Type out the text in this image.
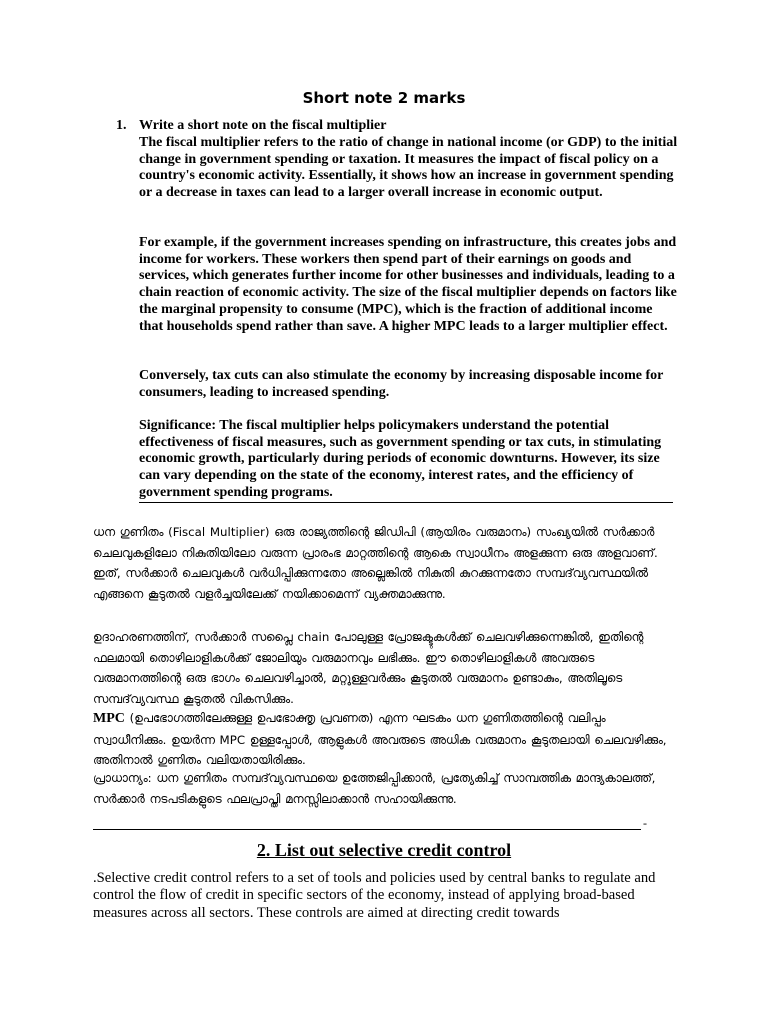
Short note 2 marks
1. Write a short note on the fiscal multiplier

The fiscal multiplier refers to the ratio of change in national income (or GDP) to the initial change in government spending or taxation. It measures the impact of fiscal policy on a country's economic activity. Essentially, it shows how an increase in government spending or a decrease in taxes can lead to a larger overall increase in economic output.

For example, if the government increases spending on infrastructure, this creates jobs and income for workers. These workers then spend part of their earnings on goods and services, which generates further income for other businesses and individuals, leading to a chain reaction of economic activity. The size of the fiscal multiplier depends on factors like the marginal propensity to consume (MPC), which is the fraction of additional income that households spend rather than save. A higher MPC leads to a larger multiplier effect.

Conversely, tax cuts can also stimulate the economy by increasing disposable income for consumers, leading to increased spending.

Significance: The fiscal multiplier helps policymakers understand the potential effectiveness of fiscal measures, such as government spending or tax cuts, in stimulating economic growth, particularly during periods of economic downturns. However, its size can vary depending on the state of the economy, interest rates, and the efficiency of government spending programs.

ധന ഗുണിതം (Fiscal Multiplier) ഒരു രാജ്യത്തിന്റെ ജിഡിപി (ആയിരം വരുമാനം) സംഖ്യയിൽ സർക്കാർ ചെലവുകളിലോ നികുതിയിലോ വരുന്ന പ്രാരംഭ മാറ്റത്തിന്റെ ആകെ സ്വാധീനം അളക്കുന്ന ഒരു അളവാണ്. ഇത്, സർക്കാർ ചെലവുകൾ വർധിപ്പിക്കുന്നതോ അല്ലെങ്കിൽ നികുതി കുറക്കുന്നതോ സമ്പദ്‌വ്യവസ്ഥയിൽ എങ്ങനെ കൂടുതൽ വളർച്ചയിലേക്ക് നയിക്കാമെന്ന് വ്യക്തമാക്കുന്നു.

ഉദാഹരണത്തിന്, സർക്കാർ സപ്ലൈ chain പോലുള്ള പ്രോജക്ടുകൾക്ക് ചെലവഴിക്കുന്നെങ്കിൽ, ഇതിന്റെ ഫലമായി തൊഴിലാളികൾക്ക് ജോലിയും വരുമാനവും ലഭിക്കും. ഈ തൊഴിലാളികൾ അവരുടെ വരുമാനത്തിന്റെ ഒരു ഭാഗം ചെലവഴിച്ചാൽ, മറ്റുള്ളവർക്കും കൂടുതൽ വരുമാനം ഉണ്ടാകും, അതിലൂടെ സമ്പദ്‌വ്യവസ്ഥ കൂടുതൽ വികസിക്കും.

MPC (ഉപഭോഗത്തിലേക്കുള്ള ഉപഭോക്തൃ പ്രവണത) എന്ന ഘടകം ധന ഗുണിതത്തിന്റെ വലിപ്പം സ്വാധീനിക്കും. ഉയർന്ന MPC ഉള്ളപ്പോൾ, ആളുകൾ അവരുടെ അധിക വരുമാനം കൂടുതലായി ചെലവഴിക്കും, അതിനാൽ ഗുണിതം വലിയതായിരിക്കും.

പ്രാധാന്യം: ധന ഗുണിതം സമ്പദ്‌വ്യവസ്ഥയെ ഉത്തേജിപ്പിക്കാൻ, പ്രത്യേകിച്ച് സാമ്പത്തിക മാന്ദ്യകാലത്ത്, സർക്കാർ നടപടികളുടെ ഫലപ്രാപ്തി മനസ്സിലാക്കാൻ സഹായിക്കുന്നു.

-
2. List out selective credit control

.Selective credit control refers to a set of tools and policies used by central banks to regulate and control the flow of credit in specific sectors of the economy, instead of applying broad-based measures across all sectors. These controls are aimed at directing credit towards
